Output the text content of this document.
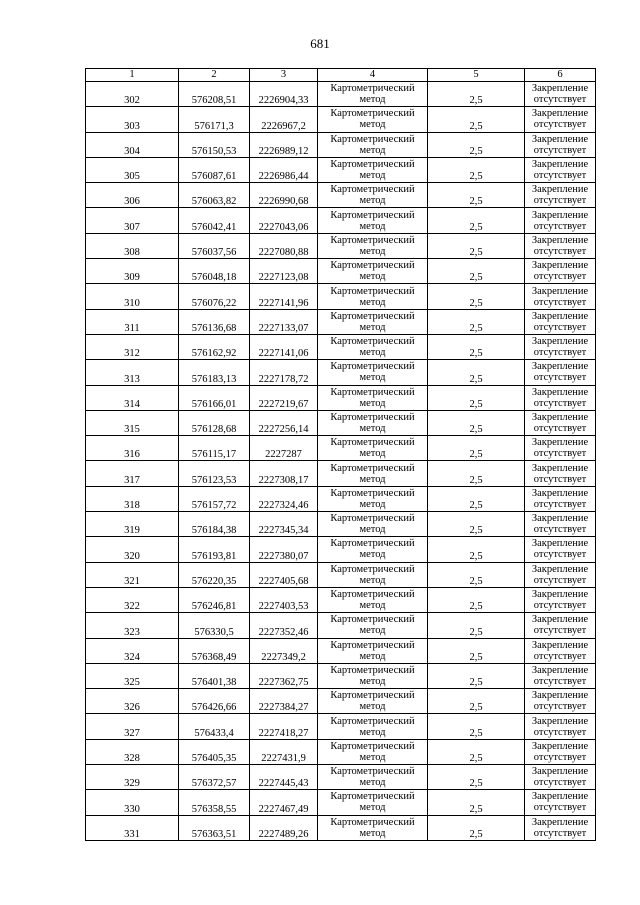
681
1	2	3	4	5	6
302	576208,51	2226904,33	Картометрический метод	2,5	Закрепление отсутствует
303	576171,3	2226967,2	Картометрический метод	2,5	Закрепление отсутствует
304	576150,53	2226989,12	Картометрический метод	2,5	Закрепление отсутствует
305	576087,61	2226986,44	Картометрический метод	2,5	Закрепление отсутствует
306	576063,82	2226990,68	Картометрический метод	2,5	Закрепление отсутствует
307	576042,41	2227043,06	Картометрический метод	2,5	Закрепление отсутствует
308	576037,56	2227080,88	Картометрический метод	2,5	Закрепление отсутствует
309	576048,18	2227123,08	Картометрический метод	2,5	Закрепление отсутствует
310	576076,22	2227141,96	Картометрический метод	2,5	Закрепление отсутствует
311	576136,68	2227133,07	Картометрический метод	2,5	Закрепление отсутствует
312	576162,92	2227141,06	Картометрический метод	2,5	Закрепление отсутствует
313	576183,13	2227178,72	Картометрический метод	2,5	Закрепление отсутствует
314	576166,01	2227219,67	Картометрический метод	2,5	Закрепление отсутствует
315	576128,68	2227256,14	Картометрический метод	2,5	Закрепление отсутствует
316	576115,17	2227287	Картометрический метод	2,5	Закрепление отсутствует
317	576123,53	2227308,17	Картометрический метод	2,5	Закрепление отсутствует
318	576157,72	2227324,46	Картометрический метод	2,5	Закрепление отсутствует
319	576184,38	2227345,34	Картометрический метод	2,5	Закрепление отсутствует
320	576193,81	2227380,07	Картометрический метод	2,5	Закрепление отсутствует
321	576220,35	2227405,68	Картометрический метод	2,5	Закрепление отсутствует
322	576246,81	2227403,53	Картометрический метод	2,5	Закрепление отсутствует
323	576330,5	2227352,46	Картометрический метод	2,5	Закрепление отсутствует
324	576368,49	2227349,2	Картометрический метод	2,5	Закрепление отсутствует
325	576401,38	2227362,75	Картометрический метод	2,5	Закрепление отсутствует
326	576426,66	2227384,27	Картометрический метод	2,5	Закрепление отсутствует
327	576433,4	2227418,27	Картометрический метод	2,5	Закрепление отсутствует
328	576405,35	2227431,9	Картометрический метод	2,5	Закрепление отсутствует
329	576372,57	2227445,43	Картометрический метод	2,5	Закрепление отсутствует
330	576358,55	2227467,49	Картометрический метод	2,5	Закрепление отсутствует
331	576363,51	2227489,26	Картометрический метод	2,5	Закрепление отсутствует
